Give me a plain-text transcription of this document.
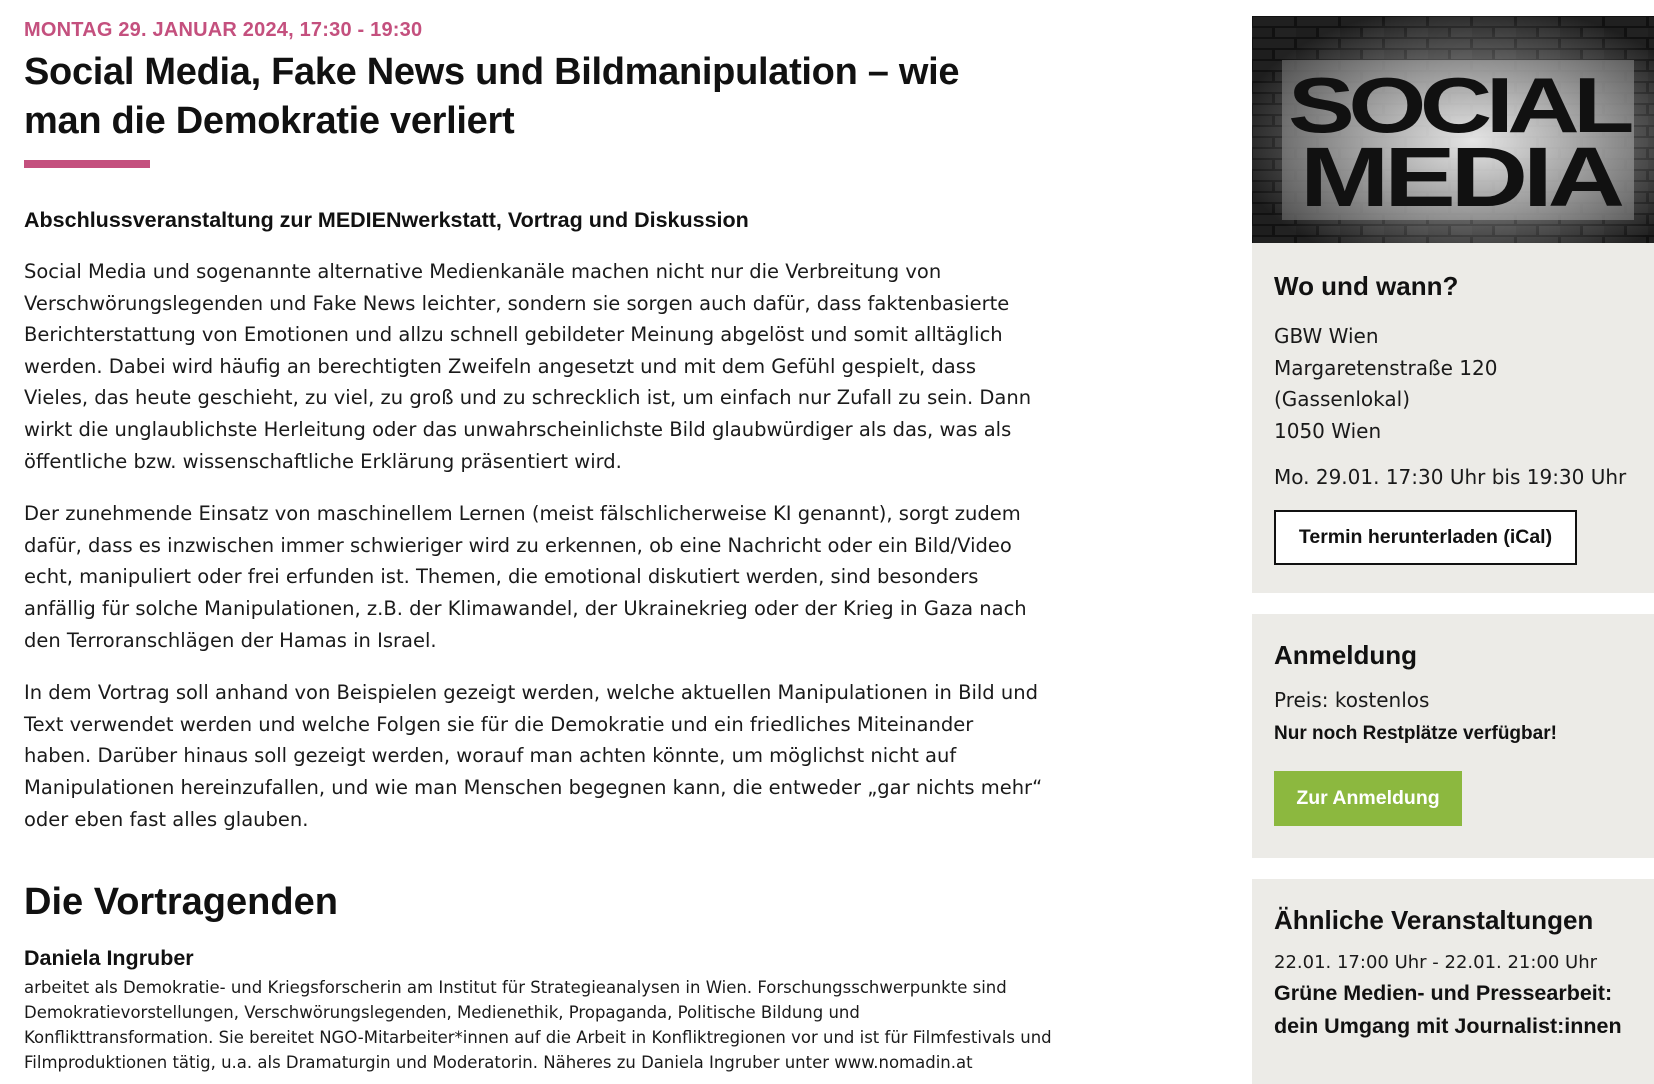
MONTAG 29. JANUAR 2024, 17:30 - 19:30
Social Media, Fake News und Bildmanipulation – wie man die Demokratie verliert
Abschlussveranstaltung zur MEDIENwerkstatt, Vortrag und Diskussion

Social Media und sogenannte alternative Medienkanäle machen nicht nur die Verbreitung von Verschwörungslegenden und Fake News leichter, sondern sie sorgen auch dafür, dass faktenbasierte Berichterstattung von Emotionen und allzu schnell gebildeter Meinung abgelöst und somit alltäglich werden. Dabei wird häufig an berechtigten Zweifeln angesetzt und mit dem Gefühl gespielt, dass Vieles, das heute geschieht, zu viel, zu groß und zu schrecklich ist, um einfach nur Zufall zu sein. Dann wirkt die unglaublichste Herleitung oder das unwahrscheinlichste Bild glaubwürdiger als das, was als öffentliche bzw. wissenschaftliche Erklärung präsentiert wird.

Der zunehmende Einsatz von maschinellem Lernen (meist fälschlicherweise KI genannt), sorgt zudem dafür, dass es inzwischen immer schwieriger wird zu erkennen, ob eine Nachricht oder ein Bild/Video echt, manipuliert oder frei erfunden ist. Themen, die emotional diskutiert werden, sind besonders anfällig für solche Manipulationen, z.B. der Klimawandel, der Ukrainekrieg oder der Krieg in Gaza nach den Terroranschlägen der Hamas in Israel.

In dem Vortrag soll anhand von Beispielen gezeigt werden, welche aktuellen Manipulationen in Bild und Text verwendet werden und welche Folgen sie für die Demokratie und ein friedliches Miteinander haben. Darüber hinaus soll gezeigt werden, worauf man achten könnte, um möglichst nicht auf Manipulationen hereinzufallen, und wie man Menschen begegnen kann, die entweder „gar nichts mehr“ oder eben fast alles glauben.

Die Vortragenden
Daniela Ingruber
arbeitet als Demokratie- und Kriegsforscherin am Institut für Strategieanalysen in Wien. Forschungsschwerpunkte sind Demokratievorstellungen, Verschwörungslegenden, Medienethik, Propaganda, Politische Bildung und Konflikttransformation. Sie bereitet NGO-Mitarbeiter*innen auf die Arbeit in Konfliktregionen vor und ist für Filmfestivals und Filmproduktionen tätig, u.a. als Dramaturgin und Moderatorin. Näheres zu Daniela Ingruber unter www.nomadin.at
SOCIAL
MEDIA
Wo und wann?
GBW Wien
Margaretenstraße 120
(Gassenlokal)
1050 Wien
Mo. 29.01. 17:30 Uhr bis 19:30 Uhr
Termin herunterladen (iCal)
Anmeldung
Preis: kostenlos
Nur noch Restplätze verfügbar!
Zur Anmeldung
Ähnliche Veranstaltungen
22.01. 17:00 Uhr - 22.01. 21:00 Uhr
Grüne Medien- und Pressearbeit: dein Umgang mit Journalist:innen
